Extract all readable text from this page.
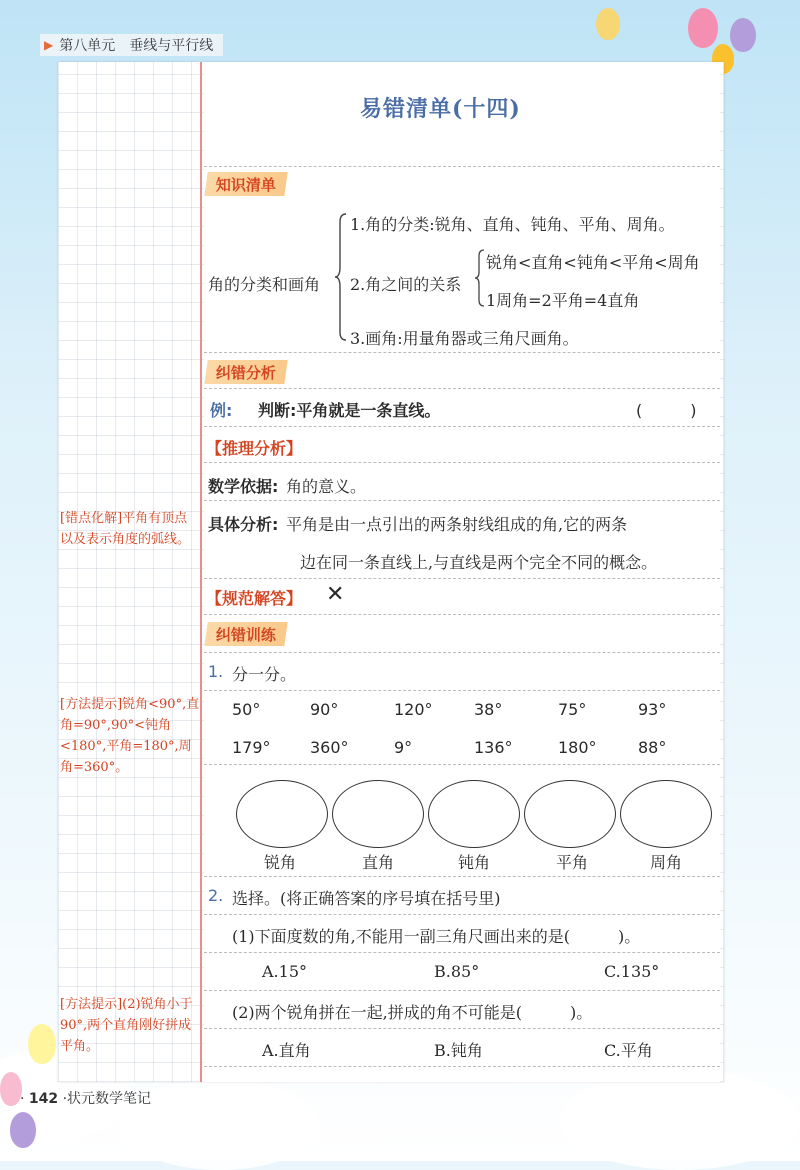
▶ 第八单元　垂线与平行线
易错清单(十四)
知识清单
角的分类和画角
1.角的分类:锐角、直角、钝角、平角、周角。
2.角之间的关系
锐角<直角<钝角<平角<周角
1周角=2平角=4直角
3.画角:用量角器或三角尺画角。
纠错分析
例: 判断:平角就是一条直线。	(　　　)
【推理分析】
数学依据: 角的意义。
具体分析: 平角是由一点引出的两条射线组成的角,它的两条
边在同一条直线上,与直线是两个完全不同的概念。
【规范解答】 ✕
纠错训练
1. 分一分。
50°	90°	120°	38°	75°	93°
179° 360°	9°	136°	180°	88°
锐角	直角	钝角	平角	周角
2. 选择。(将正确答案的序号填在括号里)
(1)下面度数的角,不能用一副三角尺画出来的是(　　　)。
A.15°	B.85°	C.135°
(2)两个锐角拼在一起,拼成的角不可能是(　　　)。
A.直角	B.钝角	C.平角
[错点化解]平角有顶点以及表示角度的弧线。
[方法提示]锐角<90°,直角=90°,90°<钝角<180°,平角=180°,周角=360°。
[方法提示](2)锐角小于90°,两个直角刚好拼成平角。
· 142 ·状元数学笔记
